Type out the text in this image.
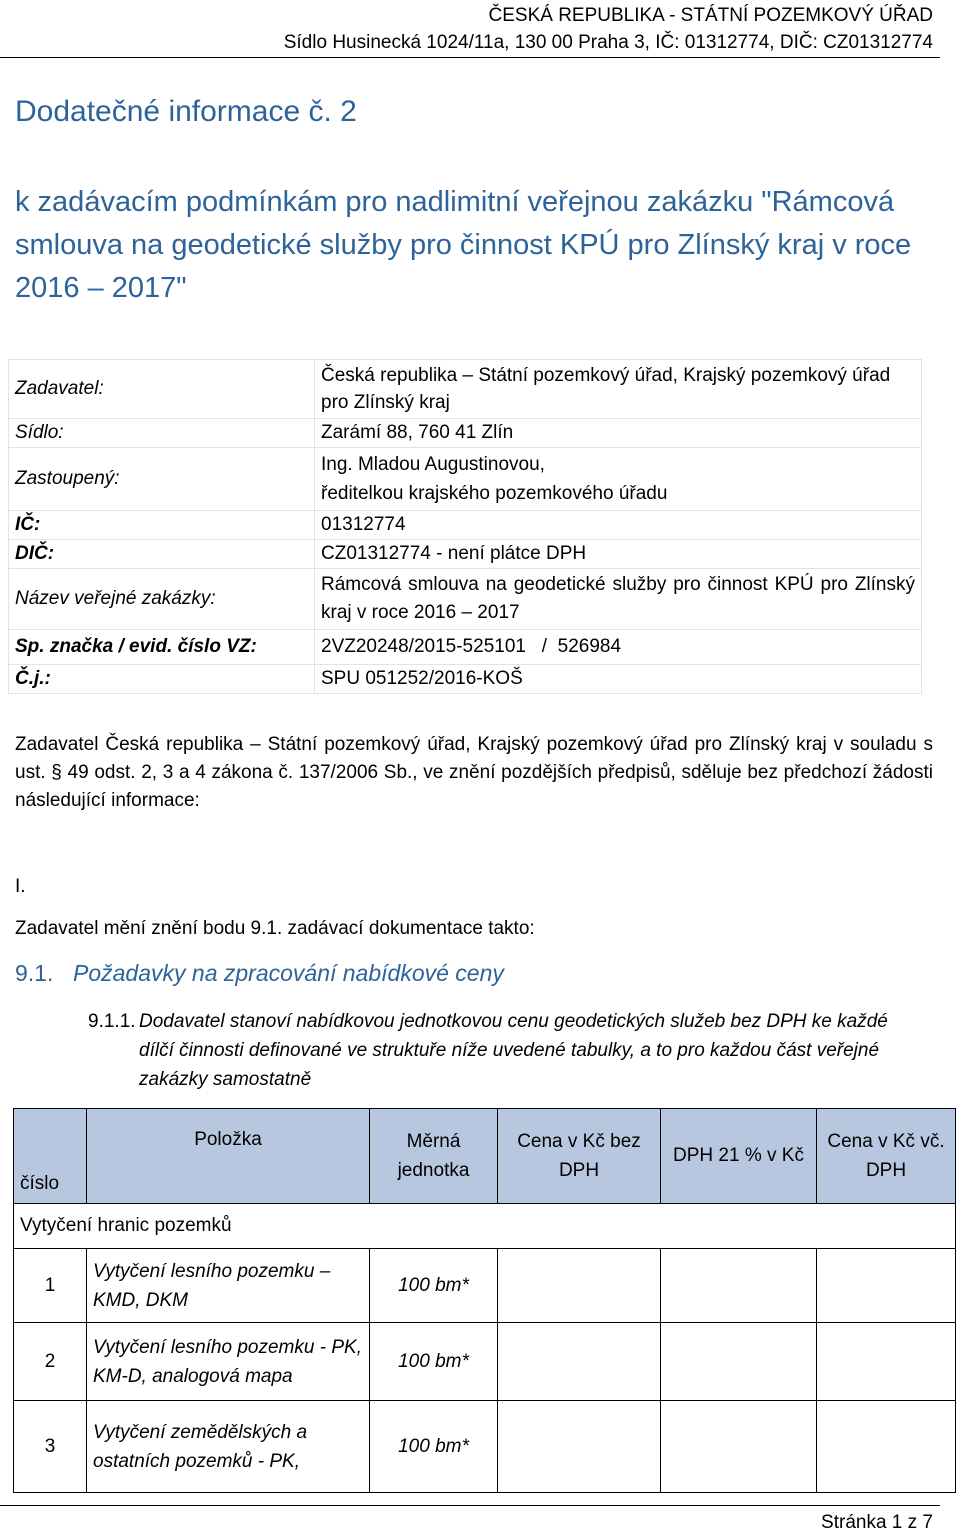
ČESKÁ REPUBLIKA - STÁTNÍ POZEMKOVÝ ÚŘAD
Sídlo Husinecká 1024/11a, 130 00 Praha 3, IČ: 01312774, DIČ: CZ01312774
Dodatečné informace č. 2
k zadávacím podmínkám pro nadlimitní veřejnou zakázku "Rámcová smlouva na geodetické služby pro činnost KPÚ pro Zlínský kraj v roce 2016 – 2017"
Zadavatel:	Česká republika – Státní pozemkový úřad, Krajský pozemkový úřad pro Zlínský kraj
Sídlo:	Zarámí 88, 760 41 Zlín
Zastoupený:	Ing. Mladou Augustinovou,
ředitelkou krajského pozemkového úřadu

IČ:	01312774
DIČ:	CZ01312774 - není plátce DPH
Název veřejné zakázky:	Rámcová smlouva na geodetické služby pro činnost KPÚ pro Zlínský kraj v roce 2016 – 2017
Sp. značka / evid. číslo VZ:	2VZ20248/2015-525101   /  526984
Č.j.:	SPU 051252/2016-KOŠ
Zadavatel Česká republika – Státní pozemkový úřad, Krajský pozemkový úřad pro Zlínský kraj v souladu s ust. § 49 odst. 2, 3 a 4 zákona č. 137/2006 Sb., ve znění pozdějších předpisů, sděluje bez předchozí žádosti následující informace:
I.
Zadavatel mění znění bodu 9.1. zadávací dokumentace takto:
9.1. Požadavky na zpracování nabídkové ceny
9.1.1. Dodavatel stanoví nabídkovou jednotkovou cenu geodetických služeb bez DPH ke každé
dílčí činnosti definované ve struktuře níže uvedené tabulky, a to pro každou část veřejné zakázky samostatně
číslo	Položka	Měrná jednotka	Cena v Kč bez DPH	DPH 21 % v Kč	Cena v Kč vč. DPH
Vytyčení hranic pozemků					
1	Vytyčení lesního pozemku – KMD, DKM	100 bm*			
2	Vytyčení lesního pozemku - PK, KM-D, analogová mapa	100 bm*			
3	Vytyčení zemědělských a ostatních pozemků - PK,	100 bm*			
Stránka 1 z 7
